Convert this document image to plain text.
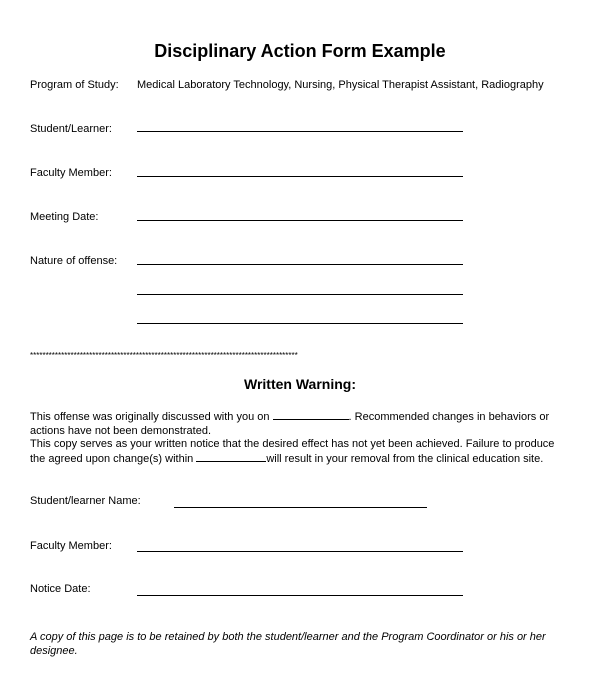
Disciplinary Action Form Example
Program of Study: Medical Laboratory Technology, Nursing, Physical Therapist Assistant, Radiography
Student/Learner:
Faculty Member:
Meeting Date:
Nature of offense:
**************************************************************************************
Written Warning:
This offense was originally discussed with you on	. Recommended changes in behaviors or actions have not been demonstrated.
This copy serves as your written notice that the desired effect has not yet been achieved. Failure to produce the agreed upon change(s) within	will result in your removal from the clinical education site.
Student/learner Name:
Faculty Member:
Notice Date:
A copy of this page is to be retained by both the student/learner and the Program Coordinator or his or her designee.
